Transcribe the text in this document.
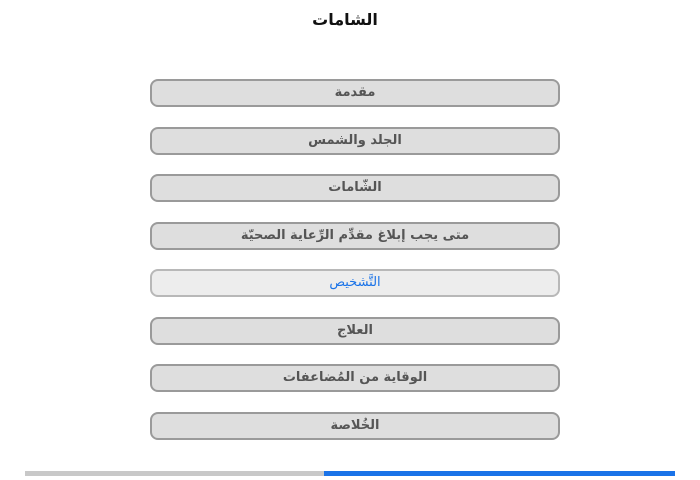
الشامات
مقدمة
الجلد والشمس
الشّامات
متى يجب إبلاغ مقدِّم الرِّعاية الصحيّة
التَّشخيص
العلاج
الوقاية من المُضاعفات
الخُلاصة
